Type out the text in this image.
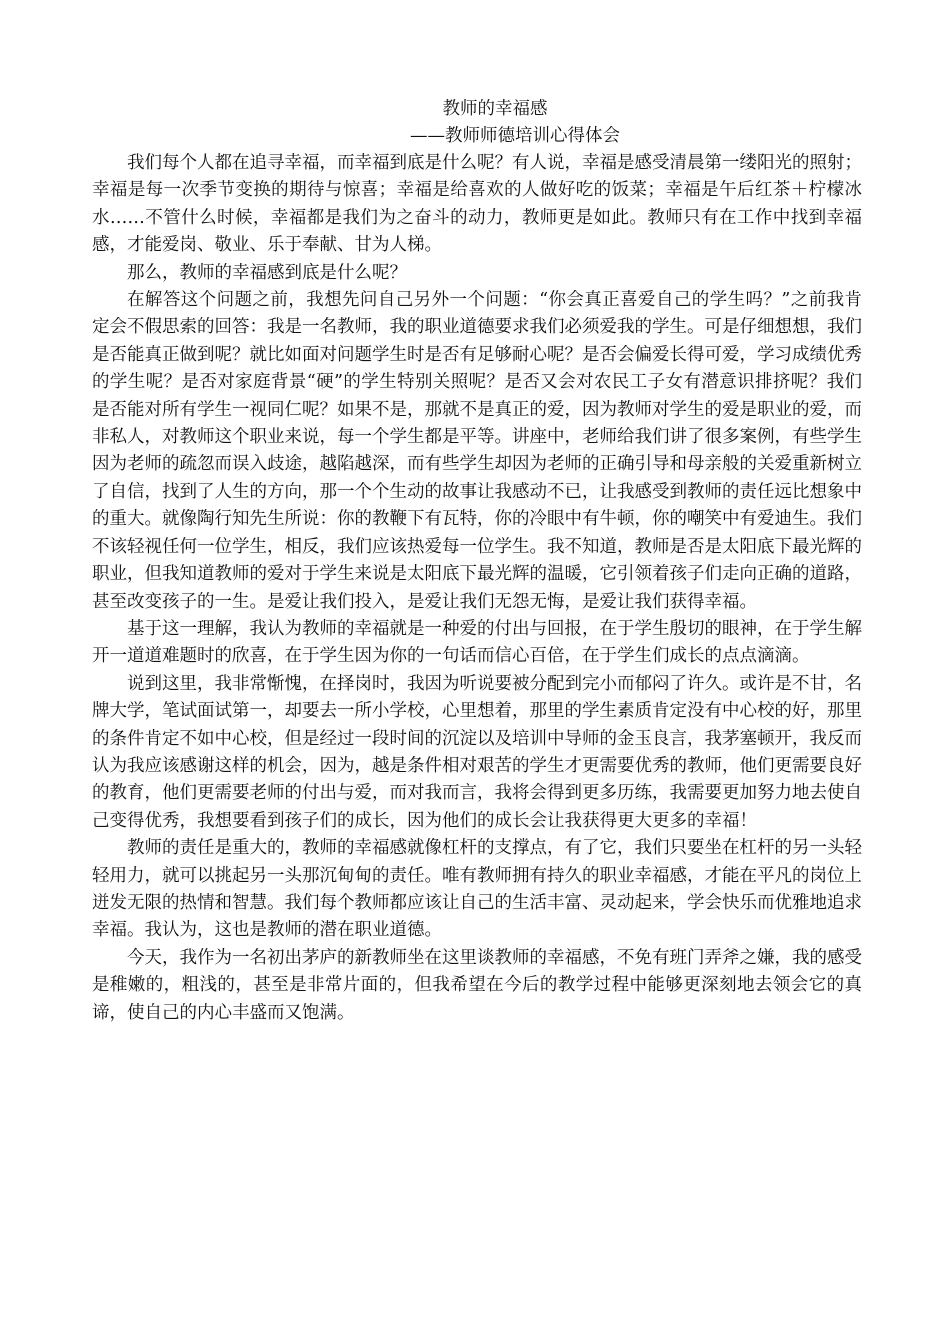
教师的幸福感
——教师师德培训心得体会

我们每个人都在追寻幸福，而幸福到底是什么呢？有人说，幸福是感受清晨第一缕阳光的照射；幸福是每一次季节变换的期待与惊喜；幸福是给喜欢的人做好吃的饭菜；幸福是午后红茶＋柠檬冰水……不管什么时候，幸福都是我们为之奋斗的动力，教师更是如此。教师只有在工作中找到幸福感，才能爱岗、敬业、乐于奉献、甘为人梯。

那么，教师的幸福感到底是什么呢？

在解答这个问题之前，我想先问自己另外一个问题：“你会真正喜爱自己的学生吗？”之前我肯定会不假思索的回答：我是一名教师，我的职业道德要求我们必须爱我的学生。可是仔细想想，我们是否能真正做到呢？就比如面对问题学生时是否有足够耐心呢？是否会偏爱长得可爱，学习成绩优秀的学生呢？是否对家庭背景“硬”的学生特别关照呢？是否又会对农民工子女有潜意识排挤呢？我们是否能对所有学生一视同仁呢？如果不是，那就不是真正的爱，因为教师对学生的爱是职业的爱，而非私人，对教师这个职业来说，每一个学生都是平等。讲座中，老师给我们讲了很多案例，有些学生因为老师的疏忽而误入歧途，越陷越深，而有些学生却因为老师的正确引导和母亲般的关爱重新树立了自信，找到了人生的方向，那一个个生动的故事让我感动不已，让我感受到教师的责任远比想象中的重大。就像陶行知先生所说：你的教鞭下有瓦特，你的冷眼中有牛顿，你的嘲笑中有爱迪生。我们不该轻视任何一位学生，相反，我们应该热爱每一位学生。我不知道，教师是否是太阳底下最光辉的职业，但我知道教师的爱对于学生来说是太阳底下最光辉的温暖，它引领着孩子们走向正确的道路，甚至改变孩子的一生。是爱让我们投入，是爱让我们无怨无悔，是爱让我们获得幸福。

基于这一理解，我认为教师的幸福就是一种爱的付出与回报，在于学生殷切的眼神，在于学生解开一道道难题时的欣喜，在于学生因为你的一句话而信心百倍，在于学生们成长的点点滴滴。

说到这里，我非常惭愧，在择岗时，我因为听说要被分配到完小而郁闷了许久。或许是不甘，名牌大学，笔试面试第一，却要去一所小学校，心里想着，那里的学生素质肯定没有中心校的好，那里的条件肯定不如中心校，但是经过一段时间的沉淀以及培训中导师的金玉良言，我茅塞顿开，我反而认为我应该感谢这样的机会，因为，越是条件相对艰苦的学生才更需要优秀的教师，他们更需要良好的教育，他们更需要老师的付出与爱，而对我而言，我将会得到更多历练，我需要更加努力地去使自己变得优秀，我想要看到孩子们的成长，因为他们的成长会让我获得更大更多的幸福！

教师的责任是重大的，教师的幸福感就像杠杆的支撑点，有了它，我们只要坐在杠杆的另一头轻轻用力，就可以挑起另一头那沉甸甸的责任。唯有教师拥有持久的职业幸福感，才能在平凡的岗位上迸发无限的热情和智慧。我们每个教师都应该让自己的生活丰富、灵动起来，学会快乐而优雅地追求幸福。我认为，这也是教师的潜在职业道德。

今天，我作为一名初出茅庐的新教师坐在这里谈教师的幸福感，不免有班门弄斧之嫌，我的感受是稚嫩的，粗浅的，甚至是非常片面的，但我希望在今后的教学过程中能够更深刻地去领会它的真谛，使自己的内心丰盛而又饱满。
